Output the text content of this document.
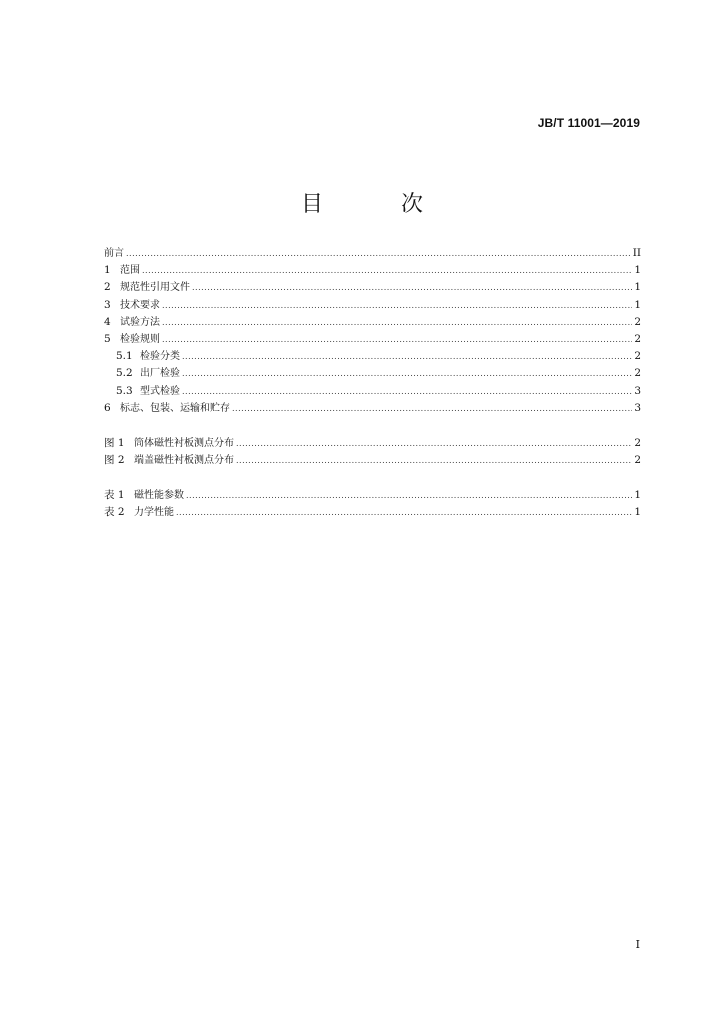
JB/T 11001—2019
目　次
前言 .....	II
1 范围 .....	1
2 规范性引用文件 .....	1
3 技术要求 .....	1
4 试验方法 .....	2
5 检验规则 .....	2
5.1 检验分类 .....	2
5.2 出厂检验 .....	2
5.3 型式检验 .....	3
6 标志、包装、运输和贮存 .....	3
图 1 筒体磁性衬板测点分布 .....	2
图 2 端盖磁性衬板测点分布 .....	2
表 1 磁性能参数 .....	1
表 2 力学性能 .....	1
I
